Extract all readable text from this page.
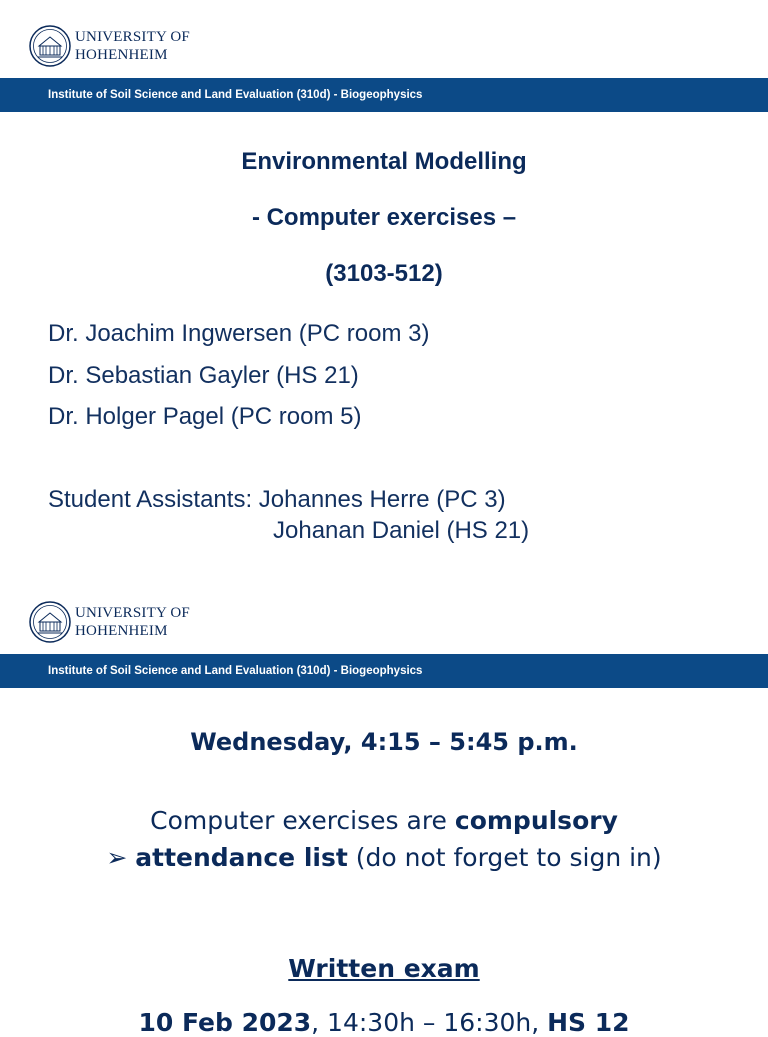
UNIVERSITY OF
HOHENHEIM
Institute of Soil Science and Land Evaluation (310d) - Biogeophysics
Environmental Modelling
- Computer exercises –
(3103-512)
Dr. Joachim Ingwersen (PC room 3)
Dr. Sebastian Gayler (HS 21)
Dr. Holger Pagel (PC room 5)
Student Assistants: Johannes Herre (PC 3)
Johanan Daniel (HS 21)
UNIVERSITY OF
HOHENHEIM
Institute of Soil Science and Land Evaluation (310d) - Biogeophysics
Wednesday, 4:15 – 5:45 p.m.
Computer exercises are compulsory
➢ attendance list (do not forget to sign in)
Written exam
10 Feb 2023, 14:30h – 16:30h, HS 12
